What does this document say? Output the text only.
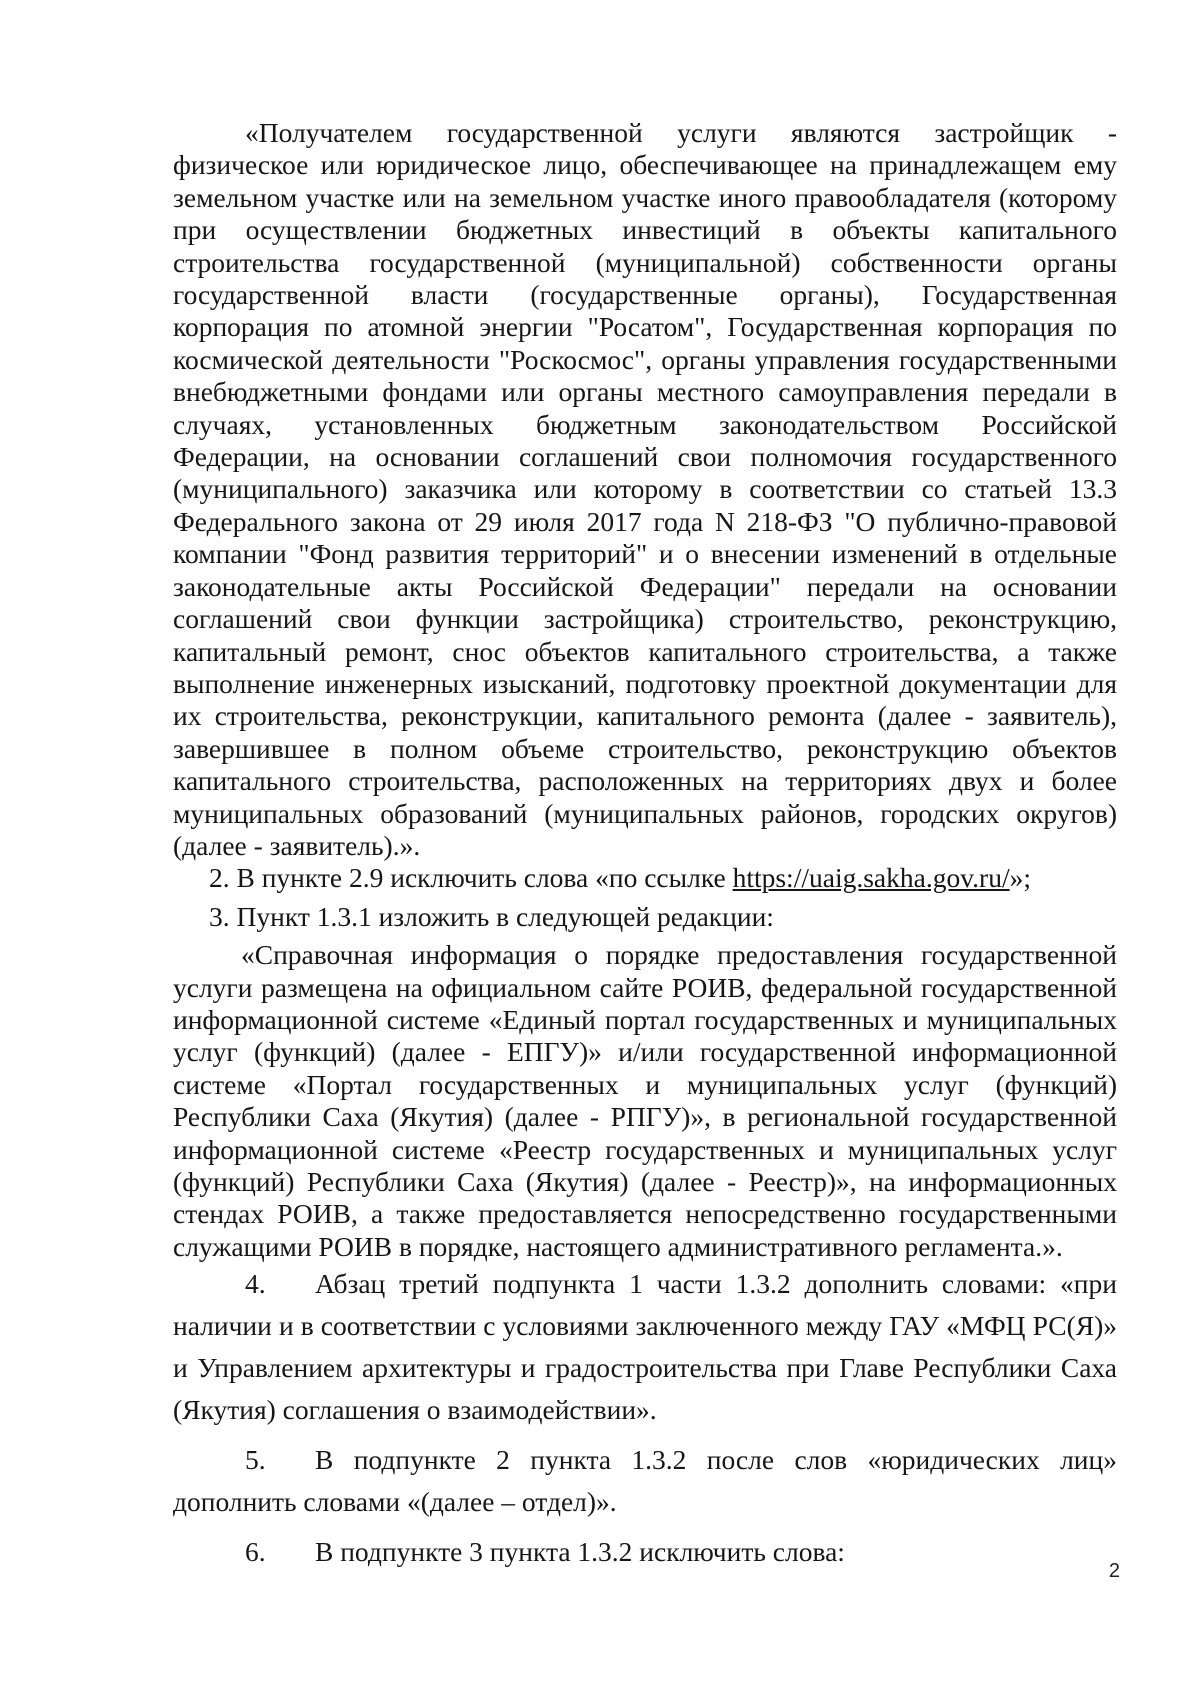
«Получателем государственной услуги являются застройщик - физическое или юридическое лицо, обеспечивающее на принадлежащем ему земельном участке или на земельном участке иного правообладателя (которому при осуществлении бюджетных инвестиций в объекты капитального строительства государственной (муниципальной) собственности органы государственной власти (государственные органы), Государственная корпорация по атомной энергии "Росатом", Государственная корпорация по космической деятельности "Роскосмос", органы управления государственными внебюджетными фондами или органы местного самоуправления передали в случаях, установленных бюджетным законодательством Российской Федерации, на основании соглашений свои полномочия государственного (муниципального) заказчика или которому в соответствии со статьей 13.3 Федерального закона от 29 июля 2017 года N 218-ФЗ "О публично-правовой компании "Фонд развития территорий" и о внесении изменений в отдельные законодательные акты Российской Федерации" передали на основании соглашений свои функции застройщика) строительство, реконструкцию, капитальный ремонт, снос объектов капитального строительства, а также выполнение инженерных изысканий, подготовку проектной документации для их строительства, реконструкции, капитального ремонта (далее - заявитель), завершившее в полном объеме строительство, реконструкцию объектов капитального строительства, расположенных на территориях двух и более муниципальных образований (муниципальных районов, городских округов) (далее - заявитель).».

2. В пункте 2.9 исключить слова «по ссылке https://uaig.sakha.gov.ru/»;

3. Пункт 1.3.1 изложить в следующей редакции:

«Справочная информация о порядке предоставления государственной услуги размещена на официальном сайте РОИВ, федеральной государственной информационной системе «Единый портал государственных и муниципальных услуг (функций) (далее - ЕПГУ)» и/или государственной информационной системе «Портал государственных и муниципальных услуг (функций) Республики Саха (Якутия) (далее - РПГУ)», в региональной государственной информационной системе «Реестр государственных и муниципальных услуг (функций) Республики Саха (Якутия) (далее - Реестр)», на информационных стендах РОИВ, а также предоставляется непосредственно государственными служащими РОИВ в порядке, настоящего административного регламента.».

4. Абзац третий подпункта 1 части 1.3.2 дополнить словами: «при наличии и в соответствии с условиями заключенного между ГАУ «МФЦ РС(Я)» и Управлением архитектуры и градостроительства при Главе Республики Саха (Якутия) соглашения о взаимодействии».

5. В подпункте 2 пункта 1.3.2 после слов «юридических лиц» дополнить словами «(далее – отдел)».

6. В подпункте 3 пункта 1.3.2 исключить слова:

2
